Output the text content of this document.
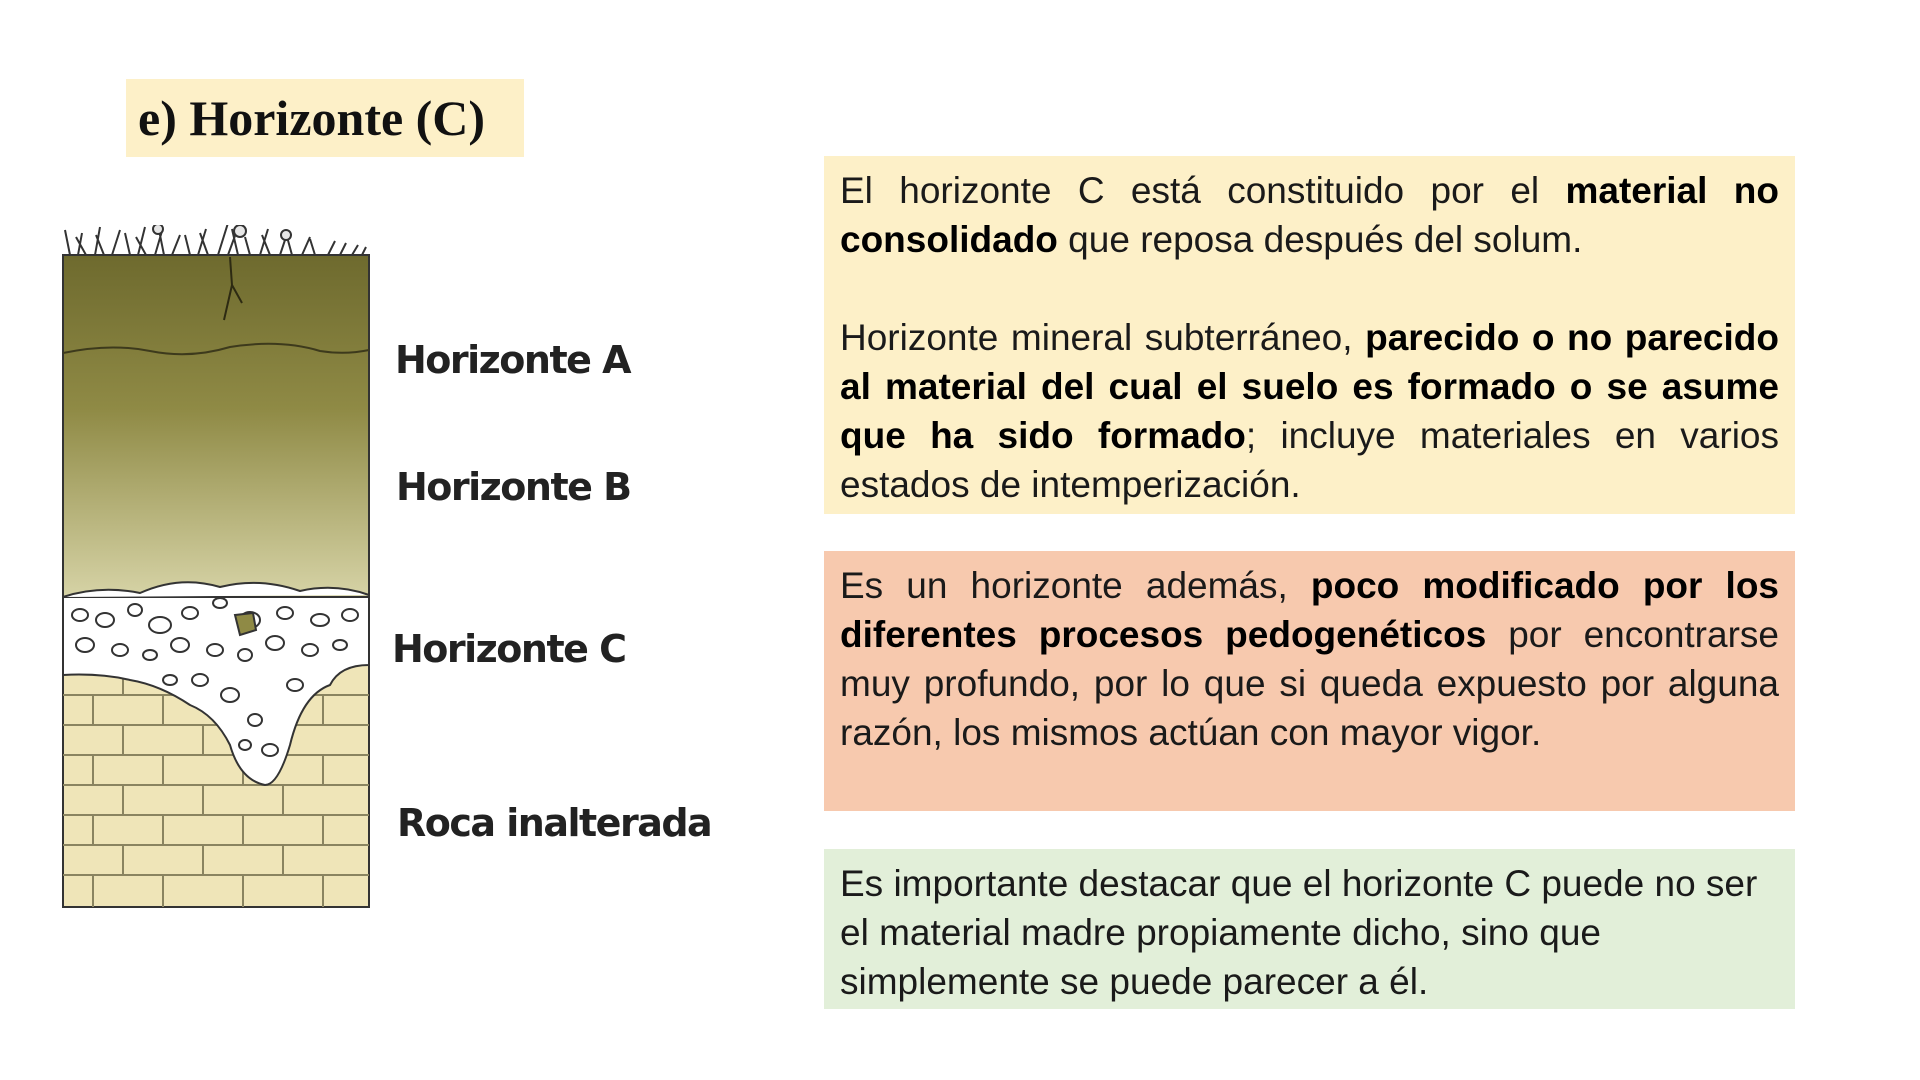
e) Horizonte (C)
Horizonte A
Horizonte B
Horizonte C
Roca inalterada

El horizonte C está constituido por el material no consolidado que reposa después del solum.

Horizonte mineral subterráneo, parecido o no parecido al material del cual el suelo es formado o se asume que ha sido formado; incluye materiales en varios estados de intemperización.

Es un horizonte además, poco modificado por los diferentes procesos pedogenéticos por encontrarse muy profundo, por lo que si queda expuesto por alguna razón, los mismos actúan con mayor vigor.

Es importante destacar que el horizonte C puede no ser el material madre propiamente dicho, sino que simplemente se puede parecer a él.
